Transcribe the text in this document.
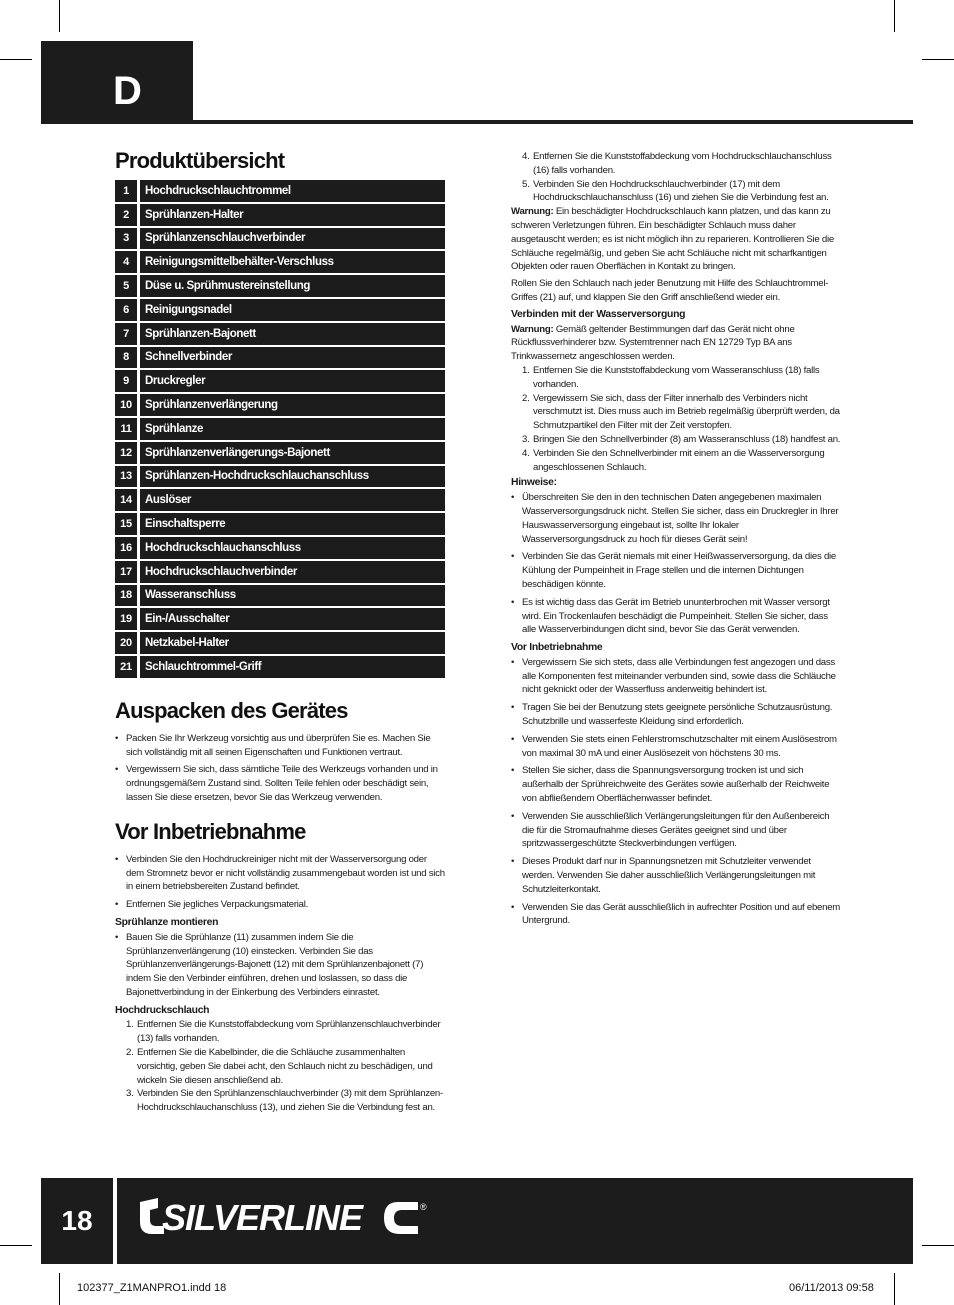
D
Produktübersicht
1	Hochdruckschlauchtrommel
2	Sprühlanzen-Halter
3	Sprühlanzenschlauchverbinder
4	Reinigungsmittelbehälter-Verschluss
5	Düse u. Sprühmustereinstellung
6	Reinigungsnadel
7	Sprühlanzen-Bajonett
8	Schnellverbinder
9	Druckregler
10	Sprühlanzenverlängerung
11	Sprühlanze
12	Sprühlanzenverlängerungs-Bajonett
13	Sprühlanzen-Hochdruckschlauchanschluss
14	Auslöser
15	Einschaltsperre
16	Hochdruckschlauchanschluss
17	Hochdruckschlauchverbinder
18	Wasseranschluss
19	Ein-/Ausschalter
20	Netzkabel-Halter
21	Schlauchtrommel-Griff
Auspacken des Gerätes
• Packen Sie Ihr Werkzeug vorsichtig aus und überprüfen Sie es. Machen Sie sich vollständig mit all seinen Eigenschaften und Funktionen vertraut.
• Vergewissern Sie sich, dass sämtliche Teile des Werkzeugs vorhanden und in ordnungsgemäßem Zustand sind. Sollten Teile fehlen oder beschädigt sein, lassen Sie diese ersetzen, bevor Sie das Werkzeug verwenden.
Vor Inbetriebnahme
• Verbinden Sie den Hochdruckreiniger nicht mit der Wasserversorgung oder dem Stromnetz bevor er nicht vollständig zusammengebaut worden ist und sich in einem betriebsbereiten Zustand befindet.
• Entfernen Sie jegliches Verpackungsmaterial.
Sprühlanze montieren
• Bauen Sie die Sprühlanze (11) zusammen indem Sie die Sprühlanzenverlängerung (10) einstecken. Verbinden Sie das Sprühlanzenverlängerungs-Bajonett (12) mit dem Sprühlanzenbajonett (7) indem Sie den Verbinder einführen, drehen und loslassen, so dass die Bajonettverbindung in der Einkerbung des Verbinders einrastet.
Hochdruckschlauch
1. Entfernen Sie die Kunststoffabdeckung vom Sprühlanzenschlauchverbinder (13) falls vorhanden.
2. Entfernen Sie die Kabelbinder, die die Schläuche zusammenhalten vorsichtig, geben Sie dabei acht, den Schlauch nicht zu beschädigen, und wickeln Sie diesen anschließend ab.
3. Verbinden Sie den Sprühlanzenschlauchverbinder (3) mit dem Sprühlanzen-Hochdruckschlauchanschluss (13), und ziehen Sie die Verbindung fest an.
4. Entfernen Sie die Kunststoffabdeckung vom Hochdruckschlauchanschluss (16) falls vorhanden.
5. Verbinden Sie den Hochdruckschlauchverbinder (17) mit dem Hochdruckschlauchanschluss (16) und ziehen Sie die Verbindung fest an.

Warnung: Ein beschädigter Hochdruckschlauch kann platzen, und das kann zu schweren Verletzungen führen. Ein beschädigter Schlauch muss daher ausgetauscht werden; es ist nicht möglich ihn zu reparieren. Kontrollieren Sie die Schläuche regelmäßig, und geben Sie acht Schläuche nicht mit scharfkantigen Objekten oder rauen Oberflächen in Kontakt zu bringen.

Rollen Sie den Schlauch nach jeder Benutzung mit Hilfe des Schlauchtrommel-Griffes (21) auf, und klappen Sie den Griff anschließend wieder ein.

Verbinden mit der Wasserversorgung

Warnung: Gemäß geltender Bestimmungen darf das Gerät nicht ohne Rückflussverhinderer bzw. Systemtrenner nach EN 12729 Typ BA ans Trinkwassernetz angeschlossen werden.

1. Entfernen Sie die Kunststoffabdeckung vom Wasseranschluss (18) falls vorhanden.
2. Vergewissern Sie sich, dass der Filter innerhalb des Verbinders nicht verschmutzt ist. Dies muss auch im Betrieb regelmäßig überprüft werden, da Schmutzpartikel den Filter mit der Zeit verstopfen.
3. Bringen Sie den Schnellverbinder (8) am Wasseranschluss (18) handfest an.
4. Verbinden Sie den Schnellverbinder mit einem an die Wasserversorgung angeschlossenen Schlauch.
Hinweise:
• Überschreiten Sie den in den technischen Daten angegebenen maximalen Wasserversorgungsdruck nicht. Stellen Sie sicher, dass ein Druckregler in Ihrer Hauswasserversorgung eingebaut ist, sollte Ihr lokaler Wasserversorgungsdruck zu hoch für dieses Gerät sein!
• Verbinden Sie das Gerät niemals mit einer Heißwasserversorgung, da dies die Kühlung der Pumpeinheit in Frage stellen und die internen Dichtungen beschädigen könnte.
• Es ist wichtig dass das Gerät im Betrieb ununterbrochen mit Wasser versorgt wird. Ein Trockenlaufen beschädigt die Pumpeinheit. Stellen Sie sicher, dass alle Wasserverbindungen dicht sind, bevor Sie das Gerät verwenden.
Vor Inbetriebnahme
• Vergewissern Sie sich stets, dass alle Verbindungen fest angezogen und dass alle Komponenten fest miteinander verbunden sind, sowie dass die Schläuche nicht geknickt oder der Wasserfluss anderweitig behindert ist.
• Tragen Sie bei der Benutzung stets geeignete persönliche Schutzausrüstung. Schutzbrille und wasserfeste Kleidung sind erforderlich.
• Verwenden Sie stets einen Fehlerstromschutzschalter mit einem Auslösestrom von maximal 30 mA und einer Auslösezeit von höchstens 30 ms.
• Stellen Sie sicher, dass die Spannungsversorgung trocken ist und sich außerhalb der Sprühreichweite des Gerätes sowie außerhalb der Reichweite von abfließendem Oberflächenwasser befindet.
• Verwenden Sie ausschließlich Verlängerungsleitungen für den Außenbereich die für die Stromaufnahme dieses Gerätes geeignet sind und über spritzwassergeschützte Steckverbindungen verfügen.
• Dieses Produkt darf nur in Spannungsnetzen mit Schutzleiter verwendet werden. Verwenden Sie daher ausschließlich Verlängerungsleitungen mit Schutzleiterkontakt.
• Verwenden Sie das Gerät ausschließlich in aufrechter Position und auf ebenem Untergrund.
18	SILVERLINE	®
102377_Z1MANPRO1.indd 18	06/11/2013 09:58
